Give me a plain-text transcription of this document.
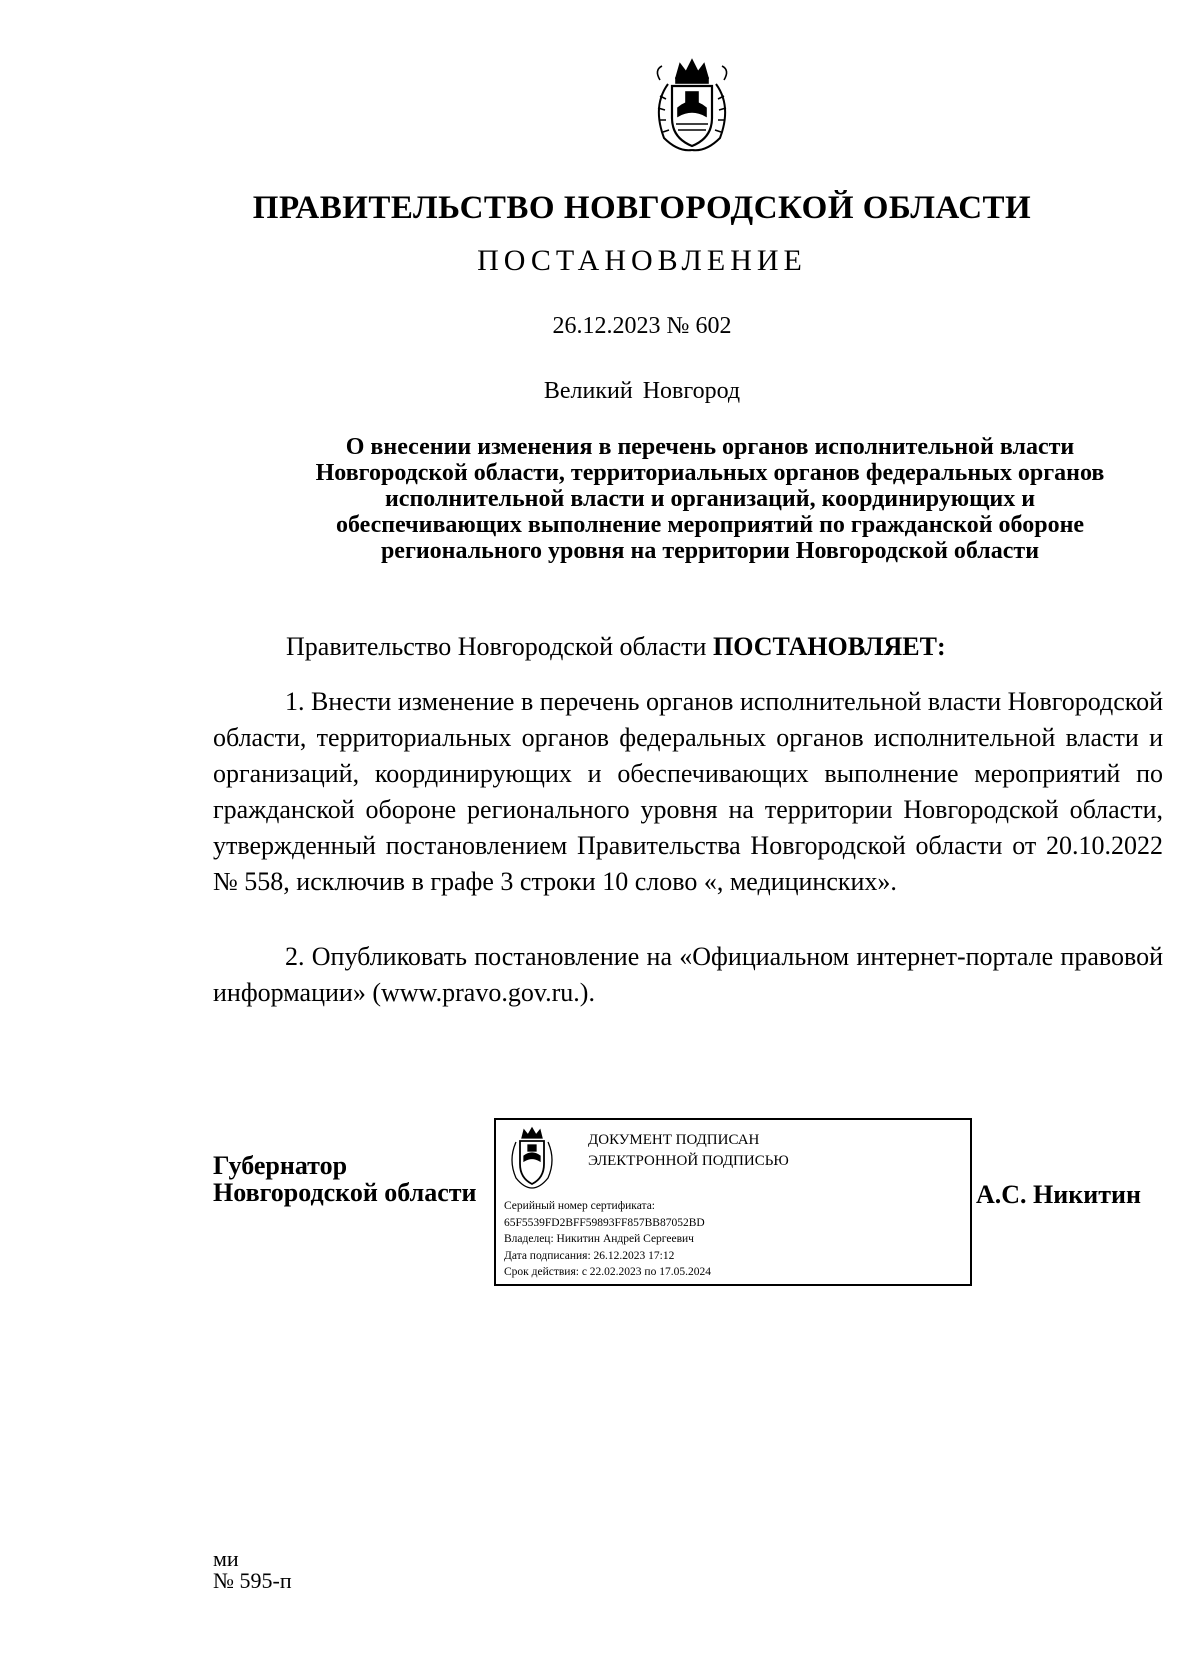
ПРАВИТЕЛЬСТВО НОВГОРОДСКОЙ ОБЛАСТИ
ПОСТАНОВЛЕНИЕ
26.12.2023 № 602
Великий Новгород
О внесении изменения в перечень органов исполнительной власти
Новгородской области, территориальных органов федеральных органов
исполнительной власти и организаций, координирующих и
обеспечивающих выполнение мероприятий по гражданской обороне
регионального уровня на территории Новгородской области
Правительство Новгородской области ПОСТАНОВЛЯЕТ:
1. Внести изменение в перечень органов исполнительной власти Новгородской области, территориальных органов федеральных органов исполнительной власти и организаций, координирующих и обеспечивающих выполнение мероприятий по гражданской обороне регионального уровня на территории Новгородской области, утвержденный постановлением Правительства Новгородской области от 20.10.2022 № 558, исключив в графе 3 строки 10 слово «, медицинских».
2. Опубликовать постановление на «Официальном интернет-портале правовой информации» (www.pravo.gov.ru.).
Губернатор
Новгородской области
ДОКУМЕНТ ПОДПИСАН
ЭЛЕКТРОННОЙ ПОДПИСЬЮ
Серийный номер сертификата:
65F5539FD2BFF59893FF857BB87052BD
Владелец: Никитин Андрей Сергеевич
Дата подписания: 26.12.2023 17:12
Срок действия: с 22.02.2023 по 17.05.2024
А.С. Никитин
ми
№ 595-п
